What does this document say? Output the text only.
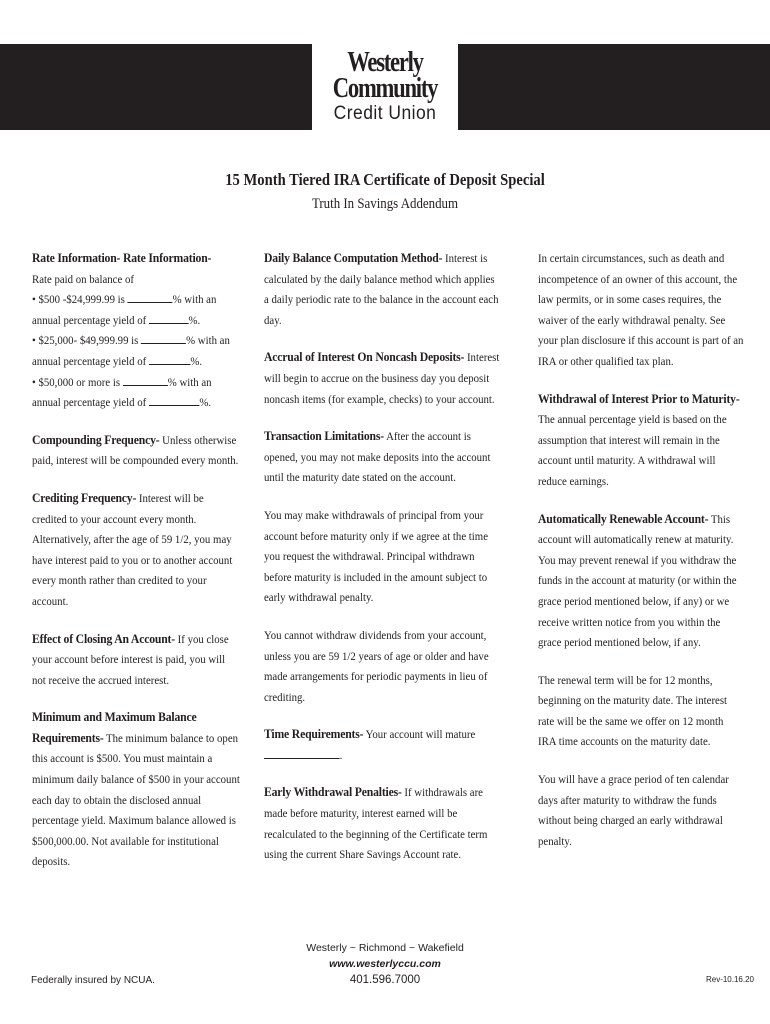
Westerly
Community
Credit Union
15 Month Tiered IRA Certificate of Deposit Special
Truth In Savings Addendum

Rate Information- Rate Information-
Rate paid on balance of
• $500 -$24,999.99 is	% with an annual percentage yield of	%.
• $25,000- $49,999.99 is	% with an annual percentage yield of	%.
• $50,000 or more is	% with an annual percentage yield of	%.

Compounding Frequency- Unless otherwise paid, interest will be compounded every month.

Crediting Frequency- Interest will be credited to your account every month. Alternatively, after the age of 59 1/2, you may have interest paid to you or to another account every month rather than credited to your account.

Effect of Closing An Account- If you close your account before interest is paid, you will not receive the accrued interest.

Minimum and Maximum Balance Requirements- The minimum balance to open this account is $500. You must maintain a minimum daily balance of $500 in your account each day to obtain the disclosed annual percentage yield. Maximum balance allowed is $500,000.00. Not available for institutional deposits.

Daily Balance Computation Method- Interest is calculated by the daily balance method which applies a daily periodic rate to the balance in the account each day.

Accrual of Interest On Noncash Deposits- Interest will begin to accrue on the business day you deposit noncash items (for example, checks) to your account.

Transaction Limitations- After the account is opened, you may not make deposits into the account until the maturity date stated on the account.

You may make withdrawals of principal from your account before maturity only if we agree at the time you request the withdrawal. Principal withdrawn before maturity is included in the amount subject to early withdrawal penalty.

You cannot withdraw dividends from your account, unless you are 59 1/2 years of age or older and have made arrangements for periodic payments in lieu of crediting.

Time Requirements- Your account will mature.

Early Withdrawal Penalties- If withdrawals are made before maturity, interest earned will be recalculated to the beginning of the Certificate term using the current Share Savings Account rate.

In certain circumstances, such as death and incompetence of an owner of this account, the law permits, or in some cases requires, the waiver of the early withdrawal penalty. See your plan disclosure if this account is part of an IRA or other qualified tax plan.

Withdrawal of Interest Prior to Maturity-
The annual percentage yield is based on the assumption that interest will remain in the account until maturity. A withdrawal will reduce earnings.

Automatically Renewable Account- This account will automatically renew at maturity. You may prevent renewal if you withdraw the funds in the account at maturity (or within the grace period mentioned below, if any) or we receive written notice from you within the grace period mentioned below, if any.

The renewal term will be for 12 months, beginning on the maturity date. The interest rate will be the same we offer on 12 month IRA time accounts on the maturity date.

You will have a grace period of ten calendar days after maturity to withdraw the funds without being charged an early withdrawal penalty.

Westerly ~ Richmond ~ Wakefield
www.westerlyccu.com
401.596.7000
Federally insured by NCUA.	Rev-10.16.20
